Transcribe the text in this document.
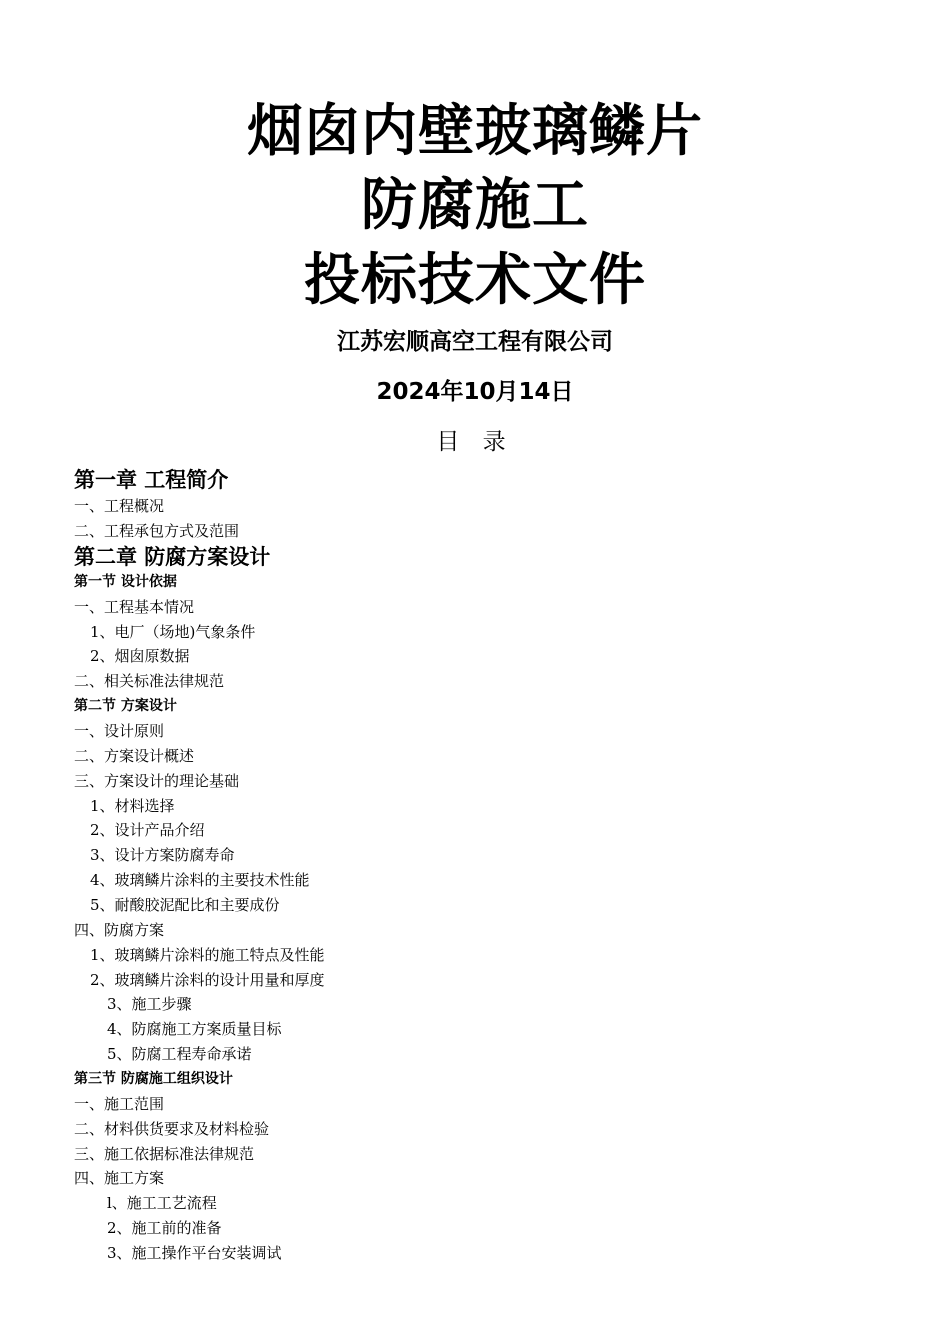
烟囱内壁玻璃鳞片
防腐施工
投标技术文件
江苏宏顺高空工程有限公司
2024年10月14日
目 录
第一章 工程简介
一、工程概况
二、工程承包方式及范围
第二章 防腐方案设计
第一节 设计依据
一、工程基本情况
1、电厂（场地)气象条件
2、烟囱原数据
二、相关标准法律规范
第二节 方案设计
一、设计原则
二、方案设计概述
三、方案设计的理论基础
1、材料选择
2、设计产品介绍
3、设计方案防腐寿命
4、玻璃鳞片涂料的主要技术性能
5、耐酸胶泥配比和主要成份
四、防腐方案
1、玻璃鳞片涂料的施工特点及性能
2、玻璃鳞片涂料的设计用量和厚度
3、施工步骤
4、防腐施工方案质量目标
5、防腐工程寿命承诺
第三节 防腐施工组织设计
一、施工范围
二、材料供货要求及材料检验
三、施工依据标准法律规范
四、施工方案
l、施工工艺流程
2、施工前的准备
3、施工操作平台安装调试
